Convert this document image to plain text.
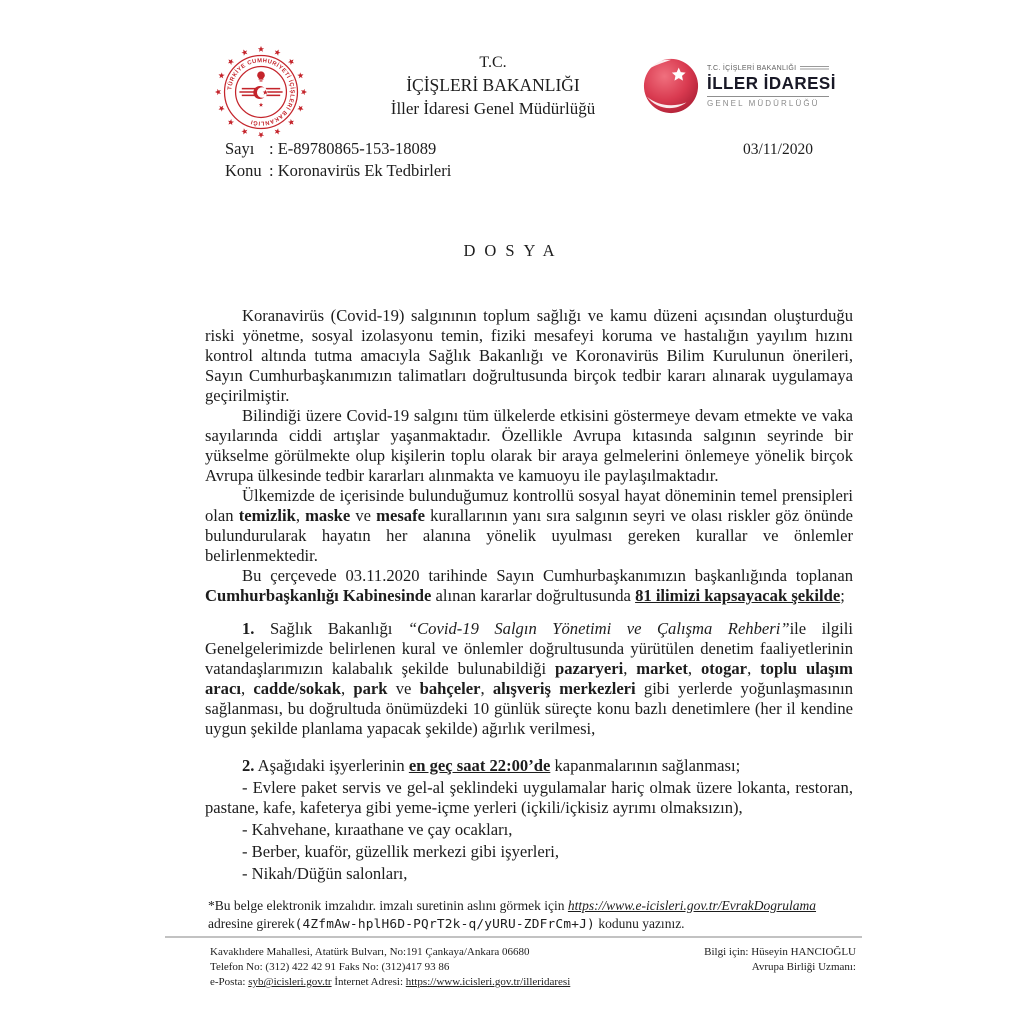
TÜRKİYE CUMHURİYETİ İÇİŞLERİ BAKANLIĞI
T.C.
İÇİŞLERİ BAKANLIĞI
İller İdaresi Genel Müdürlüğü
T.C. İÇİŞLERİ BAKANLIĞI
İLLER İDARESİ
GENEL MÜDÜRLÜĞÜ
Sayı : E-89780865-153-18089
Konu : Koronavirüs Ek Tedbirleri
03/11/2020
DOSYA

Koranavirüs (Covid-19) salgınının toplum sağlığı ve kamu düzeni açısından oluşturduğu riski yönetme, sosyal izolasyonu temin, fiziki mesafeyi koruma ve hastalığın yayılım hızını kontrol altında tutma amacıyla Sağlık Bakanlığı ve Koronavirüs Bilim Kurulunun önerileri, Sayın Cumhurbaşkanımızın talimatları doğrultusunda birçok tedbir kararı alınarak uygulamaya geçirilmiştir.

Bilindiği üzere Covid-19 salgını tüm ülkelerde etkisini göstermeye devam etmekte ve vaka sayılarında ciddi artışlar yaşanmaktadır. Özellikle Avrupa kıtasında salgının seyrinde bir yükselme görülmekte olup kişilerin toplu olarak bir araya gelmelerini önlemeye yönelik birçok Avrupa ülkesinde tedbir kararları alınmakta ve kamuoyu ile paylaşılmaktadır.

Ülkemizde de içerisinde bulunduğumuz kontrollü sosyal hayat döneminin temel prensipleri olan temizlik, maske ve mesafe kurallarının yanı sıra salgının seyri ve olası riskler göz önünde bulundurularak hayatın her alanına yönelik uyulması gereken kurallar ve önlemler belirlenmektedir.

Bu çerçevede 03.11.2020 tarihinde Sayın Cumhurbaşkanımızın başkanlığında toplanan Cumhurbaşkanlığı Kabinesinde alınan kararlar doğrultusunda 81 ilimizi kapsayacak şekilde;

1. Sağlık Bakanlığı “Covid-19 Salgın Yönetimi ve Çalışma Rehberi”ile ilgili Genelgelerimizde belirlenen kural ve önlemler doğrultusunda yürütülen denetim faaliyetlerinin vatandaşlarımızın kalabalık şekilde bulunabildiği pazaryeri, market, otogar, toplu ulaşım aracı, cadde/sokak, park ve bahçeler, alışveriş merkezleri gibi yerlerde yoğunlaşmasının sağlanması, bu doğrultuda önümüzdeki 10 günlük süreçte konu bazlı denetimlere (her il kendine uygun şekilde planlama yapacak şekilde) ağırlık verilmesi,

2. Aşağıdaki işyerlerinin en geç saat 22:00’de kapanmalarının sağlanması;

- Evlere paket servis ve gel-al şeklindeki uygulamalar hariç olmak üzere lokanta, restoran, pastane, kafe, kafeterya gibi yeme-içme yerleri (içkili/içkisiz ayrımı olmaksızın),

- Kahvehane, kıraathane ve çay ocakları,

- Berber, kuaför, güzellik merkezi gibi işyerleri,

- Nikah/Düğün salonları,

*Bu belge elektronik imzalıdır. imzalı suretinin aslını görmek için https://www.e-icisleri.gov.tr/EvrakDogrulama adresine girerek(4ZfmAw-hplH6D-PQrT2k-q/yURU-ZDFrCm+J) kodunu yazınız.
Kavaklıdere Mahallesi, Atatürk Bulvarı, No:191 Çankaya/Ankara 06680
Telefon No: (312) 422 42 91 Faks No: (312)417 93 86
e-Posta: syb@icisleri.gov.tr İnternet Adresi: https://www.icisleri.gov.tr/illeridaresi
Bilgi için: Hüseyin HANCIOĞLU
Avrupa Birliği Uzmanı:
